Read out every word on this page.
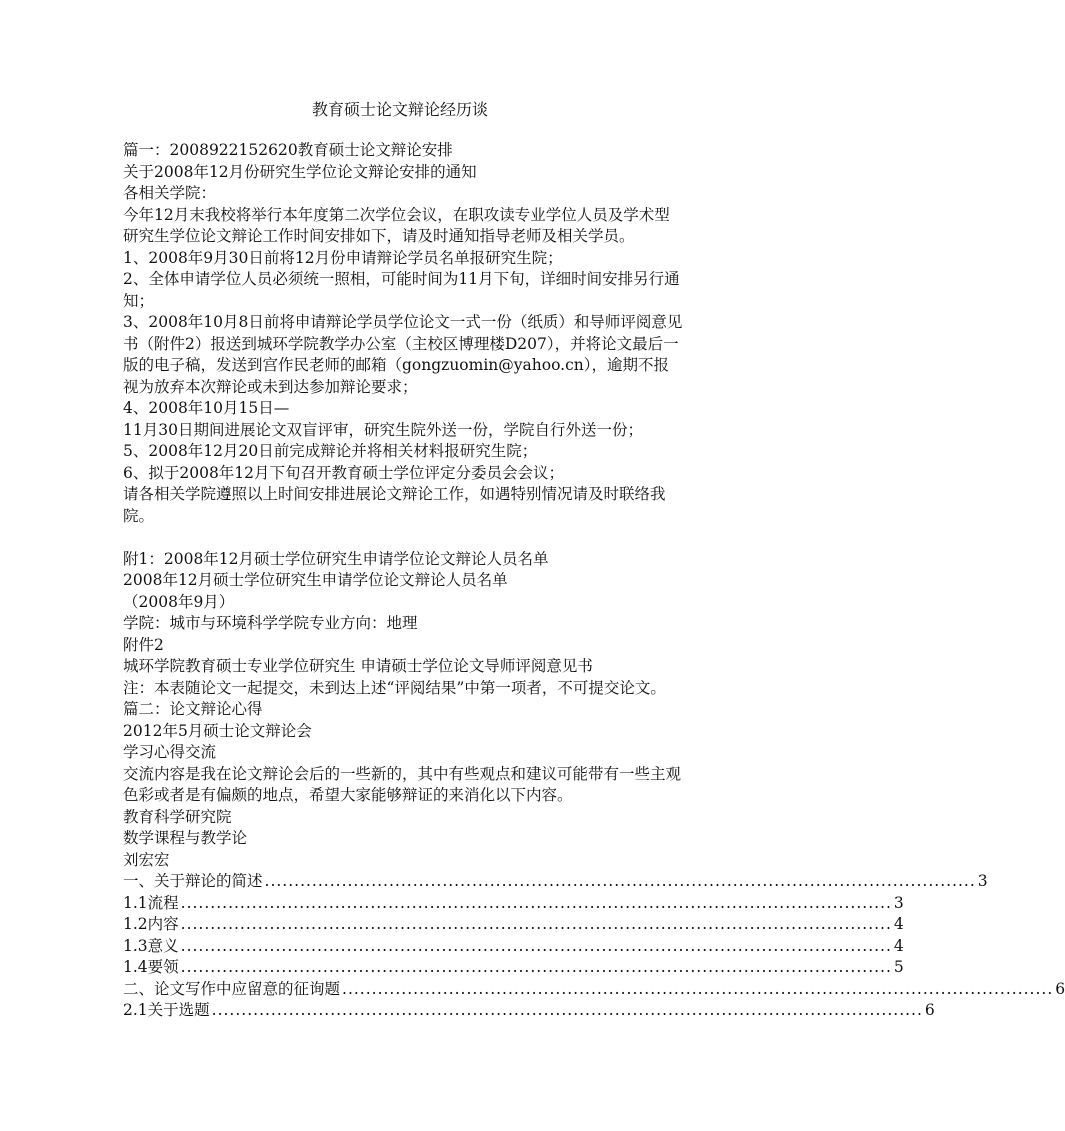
教育硕士论文辩论经历谈

篇一：2008922152620教育硕士论文辩论安排

关于2008年12月份研究生学位论文辩论安排的通知

各相关学院：

今年12月末我校将举行本年度第二次学位会议，在职攻读专业学位人员及学术型研究生学位论文辩论工作时间安排如下，请及时通知指导老师及相关学员。

1、2008年9月30日前将12月份申请辩论学员名单报研究生院；

2、全体申请学位人员必须统一照相，可能时间为11月下旬，详细时间安排另行通知；

3、2008年10月8日前将申请辩论学员学位论文一式一份（纸质）和导师评阅意见书（附件2）报送到城环学院教学办公室（主校区博理楼D207），并将论文最后一版的电子稿，发送到宫作民老师的邮箱（gongzuomin@yahoo.cn），逾期不报视为放弃本次辩论或未到达参加辩论要求；

4、2008年10月15日—

11月30日期间进展论文双盲评审，研究生院外送一份，学院自行外送一份；

5、2008年12月20日前完成辩论并将相关材料报研究生院；

6、拟于2008年12月下旬召开教育硕士学位评定分委员会会议；

请各相关学院遵照以上时间安排进展论文辩论工作，如遇特别情况请及时联络我院。

附1：2008年12月硕士学位研究生申请学位论文辩论人员名单

2008年12月硕士学位研究生申请学位论文辩论人员名单

（2008年9月）

学院：城市与环境科学学院专业方向：地理

附件2

城环学院教育硕士专业学位研究生 申请硕士学位论文导师评阅意见书

注：本表随论文一起提交，未到达上述“评阅结果”中第一项者，不可提交论文。

篇二：论文辩论心得

2012年5月硕士论文辩论会

学习心得交流

交流内容是我在论文辩论会后的一些新的，其中有些观点和建议可能带有一些主观色彩或者是有偏颇的地点，希望大家能够辩证的来消化以下内容。

教育科学研究院

数学课程与教学论

刘宏宏

一、关于辩论的简述 ........................................................................................................................ 3
1.1流程 ........................................................................................................................ 3
1.2内容 ........................................................................................................................ 4
1.3意义 ........................................................................................................................ 4
1.4要领 ........................................................................................................................ 5
二、论文写作中应留意的征询题 ........................................................................................................................ 6
2.1关于选题 ........................................................................................................................ 6
